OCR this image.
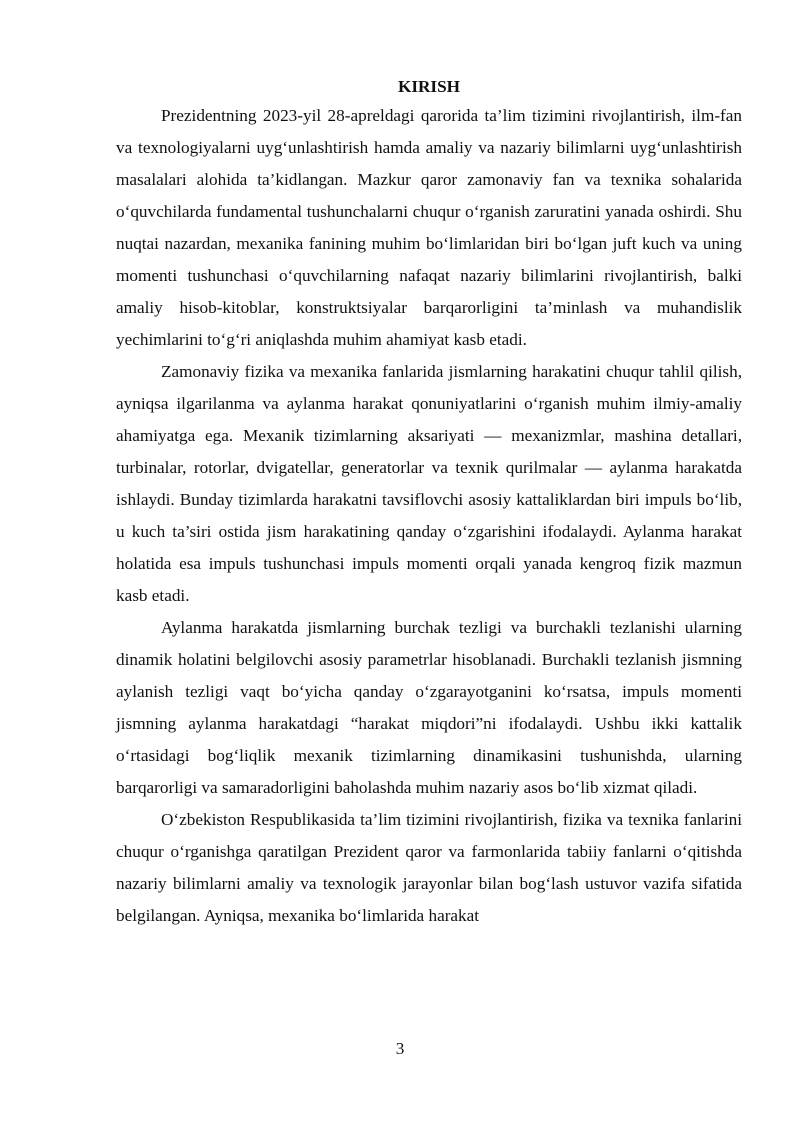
KIRISH

Prezidentning 2023-yil 28-apreldagi qarorida ta’lim tizimini rivojlantirish, ilm-fan va texnologiyalarni uyg‘unlashtirish hamda amaliy va nazariy bilimlarni uyg‘unlashtirish masalalari alohida ta’kidlangan. Mazkur qaror zamonaviy fan va texnika sohalarida o‘quvchilarda fundamental tushunchalarni chuqur o‘rganish zaruratini yanada oshirdi. Shu nuqtai nazardan, mexanika fanining muhim bo‘limlaridan biri bo‘lgan juft kuch va uning momenti tushunchasi o‘quvchilarning nafaqat nazariy bilimlarini rivojlantirish, balki amaliy hisob-kitoblar, konstruktsiyalar barqarorligini ta’minlash va muhandislik yechimlarini to‘g‘ri aniqlashda muhim ahamiyat kasb etadi.

Zamonaviy fizika va mexanika fanlarida jismlarning harakatini chuqur tahlil qilish, ayniqsa ilgarilanma va aylanma harakat qonuniyatlarini o‘rganish muhim ilmiy-amaliy ahamiyatga ega. Mexanik tizimlarning aksariyati — mexanizmlar, mashina detallari, turbinalar, rotorlar, dvigatellar, generatorlar va texnik qurilmalar — aylanma harakatda ishlaydi. Bunday tizimlarda harakatni tavsiflovchi asosiy kattaliklardan biri impuls bo‘lib, u kuch ta’siri ostida jism harakatining qanday o‘zgarishini ifodalaydi. Aylanma harakat holatida esa impuls tushunchasi impuls momenti orqali yanada kengroq fizik mazmun kasb etadi.

Aylanma harakatda jismlarning burchak tezligi va burchakli tezlanishi ularning dinamik holatini belgilovchi asosiy parametrlar hisoblanadi. Burchakli tezlanish jismning aylanish tezligi vaqt bo‘yicha qanday o‘zgarayotganini ko‘rsatsa, impuls momenti jismning aylanma harakatdagi “harakat miqdori”ni ifodalaydi. Ushbu ikki kattalik o‘rtasidagi bog‘liqlik mexanik tizimlarning dinamikasini tushunishda, ularning barqarorligi va samaradorligini baholashda muhim nazariy asos bo‘lib xizmat qiladi.

O‘zbekiston Respublikasida ta’lim tizimini rivojlantirish, fizika va texnika fanlarini chuqur o‘rganishga qaratilgan Prezident qaror va farmonlarida tabiiy fanlarni o‘qitishda nazariy bilimlarni amaliy va texnologik jarayonlar bilan bog‘lash ustuvor vazifa sifatida belgilangan. Ayniqsa, mexanika bo‘limlarida harakat

3
